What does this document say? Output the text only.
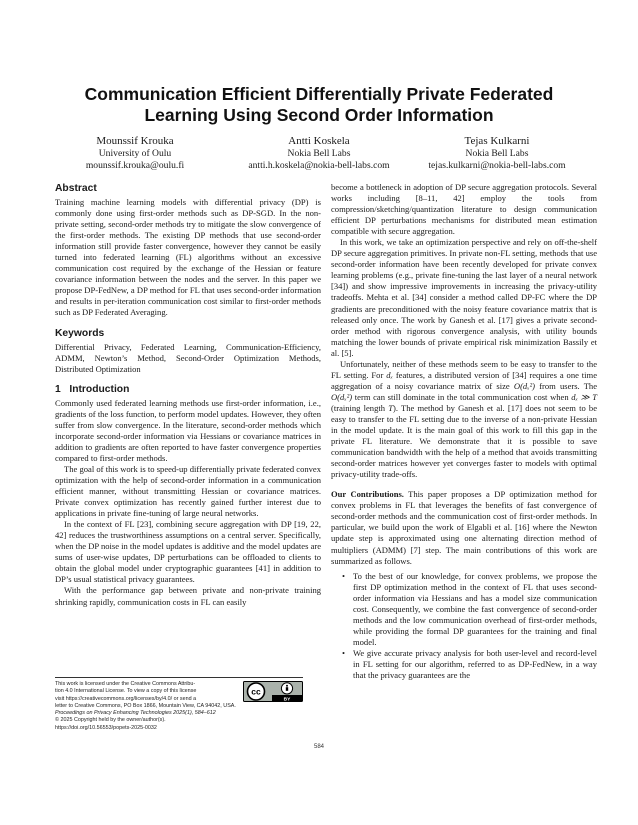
Communication Efficient Differentially Private Federated Learning Using Second Order Information
Mounssif Krouka
University of Oulu
mounssif.krouka@oulu.fi
Antti Koskela
Nokia Bell Labs
antti.h.koskela@nokia-bell-labs.com
Tejas Kulkarni
Nokia Bell Labs
tejas.kulkarni@nokia-bell-labs.com
Abstract

Training machine learning models with differential privacy (DP) is commonly done using first-order methods such as DP-SGD. In the non-private setting, second-order methods try to mitigate the slow convergence of the first-order methods. The existing DP methods that use second-order information still provide faster convergence, however they cannot be easily turned into federated learning (FL) algorithms without an excessive communication cost required by the exchange of the Hessian or feature covariance information between the nodes and the server. In this paper we propose DP-FedNew, a DP method for FL that uses second-order information and results in per-iteration communication cost similar to first-order methods such as DP Federated Averaging.

Keywords

Differential Privacy, Federated Learning, Communication-Efficiency, ADMM, Newton’s Method, Second-Order Optimization Methods, Distributed Optimization

1 Introduction

Commonly used federated learning methods use first-order information, i.e., gradients of the loss function, to perform model updates. However, they often suffer from slow convergence. In the literature, second-order methods which incorporate second-order information via Hessians or covariance matrices in addition to gradients are often reported to have faster convergence properties compared to first-order methods.

The goal of this work is to speed-up differentially private federated convex optimization with the help of second-order information in a communication efficient manner, without transmitting Hessian or covariance matrices. Private convex optimization has recently gained further interest due to applications in private fine-tuning of large neural networks.

In the context of FL [23], combining secure aggregation with DP [19, 22, 42] reduces the trustworthiness assumptions on a central server. Specifically, when the DP noise in the model updates is additive and the model updates are sums of user-wise updates, DP perturbations can be offloaded to clients to obtain the global model under cryptographic guarantees [41] in addition to DP’s usual statistical privacy guarantees.

With the performance gap between private and non-private training shrinking rapidly, communication costs in FL can easily

become a bottleneck in adoption of DP secure aggregation protocols. Several works including [8–11, 42] employ the tools from compression/sketching/quantization literature to design communication efficient DP perturbations mechanisms for distributed mean estimation compatible with secure aggregation.

In this work, we take an optimization perspective and rely on off-the-shelf DP secure aggregation primitives. In private non-FL setting, methods that use second-order information have been recently developed for private convex learning problems (e.g., private fine-tuning the last layer of a neural network [34]) and show impressive improvements in increasing the privacy-utility tradeoffs. Mehta et al. [34] consider a method called DP-FC where the DP gradients are preconditioned with the noisy feature covariance matrix that is released only once. The work by Ganesh et al. [17] gives a private second-order method with rigorous convergence analysis, with utility bounds matching the lower bounds of private empirical risk minimization Bassily et al. [5].

Unfortunately, neither of these methods seem to be easy to transfer to the FL setting. For dₓ features, a distributed version of [34] requires a one time aggregation of a noisy covariance matrix of size O(dₓ²) from users. The O(dₓ²) term can still dominate in the total communication cost when dₓ ≫ T (training length T). The method by Ganesh et al. [17] does not seem to be easy to transfer to the FL setting due to the inverse of a non-private Hessian in the model update. It is the main goal of this work to fill this gap in the private FL literature. We demonstrate that it is possible to save communication bandwidth with the help of a method that avoids transmitting second-order matrices however yet converges faster to models with optimal privacy-utility trade-offs.

Our Contributions. This paper proposes a DP optimization method for convex problems in FL that leverages the benefits of fast convergence of second-order methods and the communication cost of first-order methods. In particular, we build upon the work of Elgabli et al. [16] where the Newton update step is approximated using one alternating direction method of multipliers (ADMM) [7] step. The main contributions of this work are summarized as follows.

• To the best of our knowledge, for convex problems, we propose the first DP optimization method in the context of FL that uses second-order information via Hessians and has a model size communication cost. Consequently, we combine the fast convergence of second-order methods and the low communication overhead of first-order methods, while providing the formal DP guarantees for the training and final model.
• We give accurate privacy analysis for both user-level and record-level in FL setting for our algorithm, referred to as DP-FedNew, in a way that the privacy guarantees are the
This work is licensed under the Creative Commons Attribu-
tion 4.0 International License. To view a copy of this license
visit https://creativecommons.org/licenses/by/4.0/ or send a
letter to Creative Commons, PO Box 1866, Mountain View, CA 94042, USA.
Proceedings on Privacy Enhancing Technologies 2025(1), 584–612
© 2025 Copyright held by the owner/author(s).
https://doi.org/10.56553/popets-2025-0032
cc
BY
584
